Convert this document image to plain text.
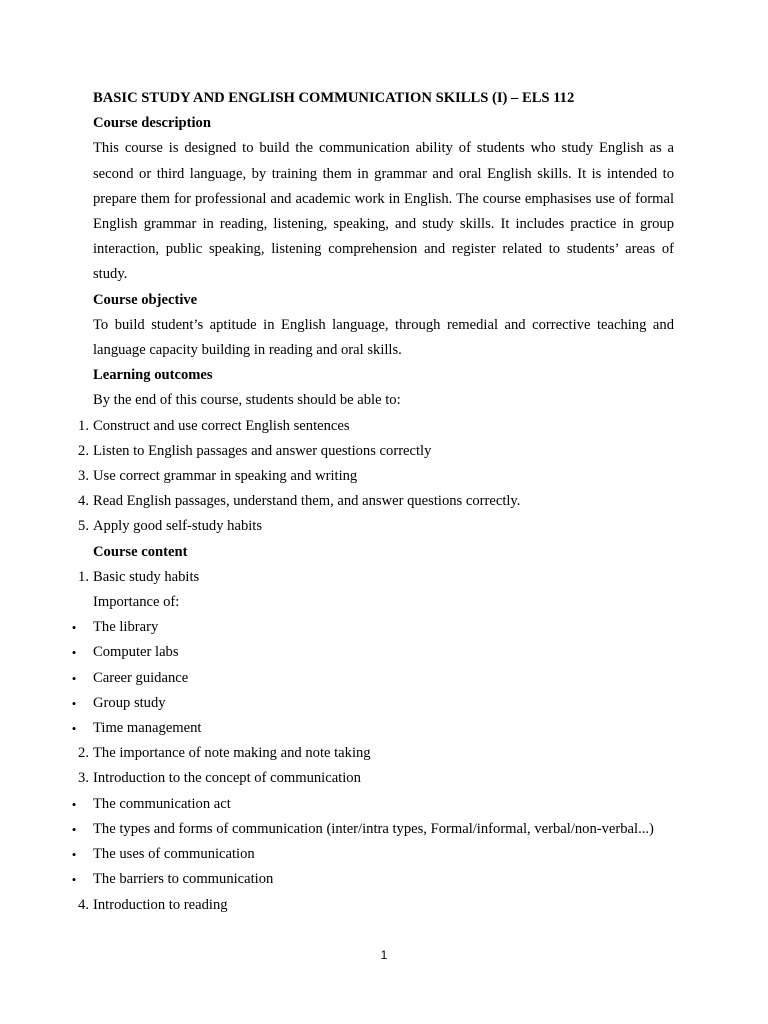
BASIC STUDY AND ENGLISH COMMUNICATION SKILLS (I) – ELS 112

Course description

This course is designed to build the communication ability of students who study English as a second or third language, by training them in grammar and oral English skills. It is intended to prepare them for professional and academic work in English. The course emphasises use of formal English grammar in reading, listening, speaking, and study skills. It includes practice in group interaction, public speaking, listening comprehension and register related to students’ areas of study.

Course objective

To build student’s aptitude in English language, through remedial and corrective teaching and language capacity building in reading and oral skills.

Learning outcomes

By the end of this course, students should be able to:

1. Construct and use correct English sentences

2. Listen to English passages and answer questions correctly

3. Use correct grammar in speaking and writing

4. Read English passages, understand them, and answer questions correctly.

5. Apply good self-study habits

Course content

1. Basic study habits

Importance of:

•	The library

•	Computer labs

•	Career guidance

•	Group study

•	Time management

2. The importance of note making and note taking

3. Introduction to the concept of communication

•	The communication act

•	The types and forms of communication (inter/intra types, Formal/informal, verbal/non-verbal...)

•	The uses of communication

•	The barriers to communication

4. Introduction to reading

1
